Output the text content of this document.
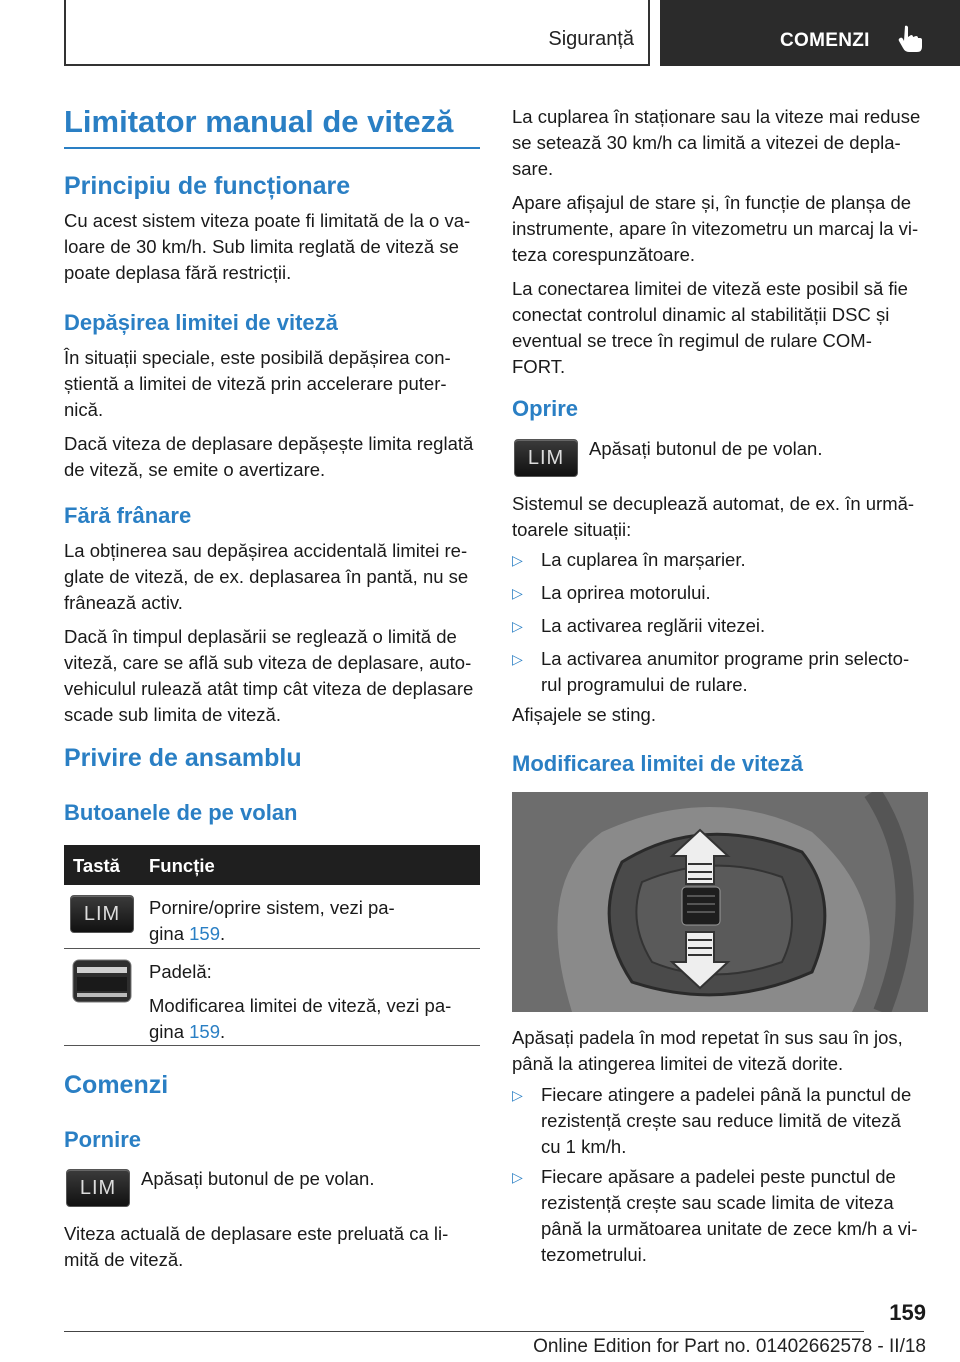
Siguranță	COMENZI
Limitator manual de viteză
Principiu de funcționare

Cu acest sistem viteza poate fi limitată de la o va-

loare de 30 km/h. Sub limita reglată de viteză se

poate deplasa fără restricții.

Depășirea limitei de viteză

În situații speciale, este posibilă depășirea con-

știentă a limitei de viteză prin accelerare puter-

nică.

Dacă viteza de deplasare depășește limita reglată

de viteză, se emite o avertizare.

Fără frânare

La obținerea sau depășirea accidentală limitei re-

glate de viteză, de ex. deplasarea în pantă, nu se

frânează activ.

Dacă în timpul deplasării se reglează o limită de

viteză, care se află sub viteza de deplasare, auto-

vehiculul rulează atât timp cât viteza de deplasare

scade sub limita de viteză.

Privire de ansamblu
Butoanele de pe volan
Tastă Funcție
LIM	Pornire/oprire sistem, vezi pa-

gina 159.

Padelă:

Modificarea limitei de viteză, vezi pa-

gina 159.

Comenzi
Pornire
LIM	Apăsați butonul de pe volan.

Viteza actuală de deplasare este preluată ca li-

mită de viteză.

La cuplarea în staționare sau la viteze mai reduse

se setează 30 km/h ca limită a vitezei de depla-

sare.

Apare afișajul de stare și, în funcție de planșa de

instrumente, apare în vitezometru un marcaj la vi-

teza corespunzătoare.

La conectarea limitei de viteză este posibil să fie

conectat controlul dinamic al stabilității DSC și

eventual se trece în regimul de rulare COM-

FORT.

Oprire
LIM	Apăsați butonul de pe volan.

Sistemul se decuplează automat, de ex. în urmă-

toarele situații:

▷ La cuplarea în marșarier.

▷ La oprirea motorului.

▷ La activarea reglării vitezei.

▷ La activarea anumitor programe prin selecto-

rul programului de rulare.

Afișajele se sting.

Modificarea limitei de viteză

Apăsați padela în mod repetat în sus sau în jos,

până la atingerea limitei de viteză dorite.

▷ Fiecare atingere a padelei până la punctul de

rezistență crește sau reduce limită de viteză

cu 1 km/h.

▷ Fiecare apăsare a padelei peste punctul de

rezistență crește sau scade limita de viteza

până la următoarea unitate de zece km/h a vi-

tezometrului.

159
Online Edition for Part no. 01402662578 - II/18
